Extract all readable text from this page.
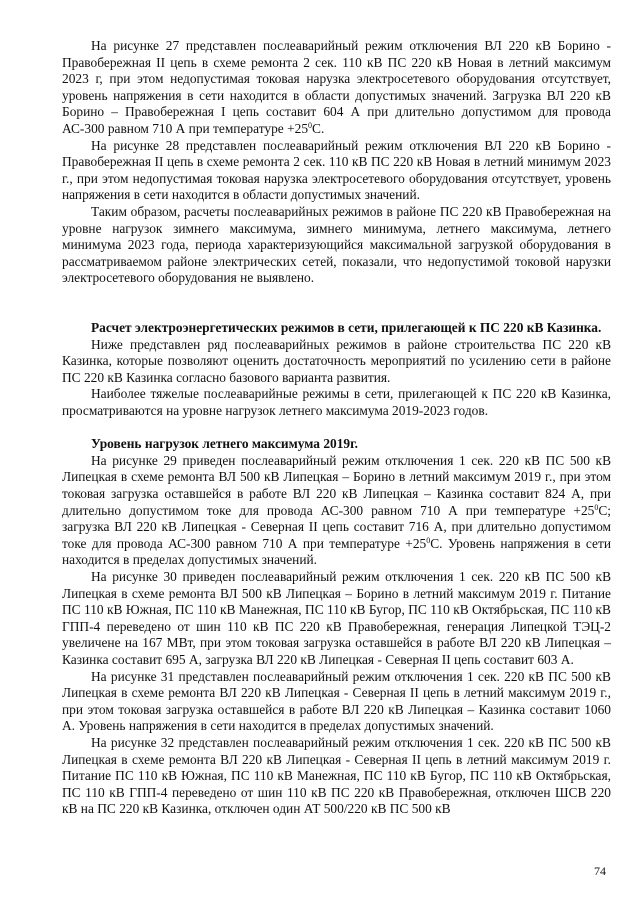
На рисунке 27 представлен послеаварийный режим отключения ВЛ 220 кВ Борино - Правобережная II цепь в схеме ремонта 2 сек. 110 кВ ПС 220 кВ Новая в летний максимум 2023 г, при этом недопустимая токовая нарузка электросетевого оборудования отсутствует, уровень напряжения в сети находится в области допустимых значений. Загрузка ВЛ 220 кВ Борино – Правобережная I цепь составит 604 А при длительно допустимом для провода АС-300 равном 710 А при температуре $+25^0С$.

На рисунке 28 представлен послеаварийный режим отключения ВЛ 220 кВ Борино - Правобережная II цепь в схеме ремонта 2 сек. 110 кВ ПС 220 кВ Новая в летний минимум 2023 г., при этом недопустимая токовая нарузка электросетевого оборудования отсутствует, уровень напряжения в сети находится в области допустимых значений.

Таким образом, расчеты послеаварийных режимов в районе ПС 220 кВ Правобережная на уровне нагрузок зимнего максимума, зимнего минимума, летнего максимума, летнего минимума 2023 года, периода характеризующийся максимальной загрузкой оборудования в рассматриваемом районе электрических сетей, показали, что недопустимой токовой нарузки электросетевого оборудования не выявлено.

Расчет электроэнергетических режимов в сети, прилегающей к ПС 220 кВ Казинка.

Ниже представлен ряд послеаварийных режимов в районе строительства ПС 220 кВ Казинка, которые позволяют оценить достаточность мероприятий по усилению сети в районе ПС 220 кВ Казинка согласно базового варианта развития.

Наиболее тяжелые послеаварийные режимы в сети, прилегающей к ПС 220 кВ Казинка, просматриваются на уровне нагрузок летнего максимума 2019-2023 годов.

Уровень нагрузок летнего максимума 2019г.

На рисунке 29 приведен послеаварийный режим отключения 1 сек. 220 кВ ПС 500 кВ Липецкая в схеме ремонта ВЛ 500 кВ Липецкая – Борино в летний максимум 2019 г., при этом токовая загрузка оставшейся в работе ВЛ 220 кВ Липецкая – Казинка составит 824 А, при длительно допустимом токе для провода АС-300 равном 710 А при температуре $+25^0С$; загрузка ВЛ 220 кВ Липецкая - Северная II цепь составит 716 А, при длительно допустимом токе для провода АС-300 равном 710 А при температуре $+25^0С$. Уровень напряжения в сети находится в пределах допустимых значений.

На рисунке 30 приведен послеаварийный режим отключения 1 сек. 220 кВ ПС 500 кВ Липецкая в схеме ремонта ВЛ 500 кВ Липецкая – Борино в летний максимум 2019 г. Питание ПС 110 кВ Южная, ПС 110 кВ Манежная, ПС 110 кВ Бугор, ПС 110 кВ Октябрьская, ПС 110 кВ ГПП-4 переведено от шин 110 кВ ПС 220 кВ Правобережная, генерация Липецкой ТЭЦ-2 увеличене на 167 МВт, при этом токовая загрузка оставшейся в работе ВЛ 220 кВ Липецкая – Казинка составит 695 А, загрузка ВЛ 220 кВ Липецкая - Северная II цепь составит 603 А.

На рисунке 31 представлен послеаварийный режим отключения 1 сек. 220 кВ ПС 500 кВ Липецкая в схеме ремонта ВЛ 220 кВ Липецкая - Северная II цепь в летний максимум 2019 г., при этом токовая загрузка оставшейся в работе ВЛ 220 кВ Липецкая – Казинка составит 1060 А. Уровень напряжения в сети находится в пределах допустимых значений.

На рисунке 32 представлен послеаварийный режим отключения 1 сек. 220 кВ ПС 500 кВ Липецкая в схеме ремонта ВЛ 220 кВ Липецкая - Северная II цепь в летний максимум 2019 г. Питание ПС 110 кВ Южная, ПС 110 кВ Манежная, ПС 110 кВ Бугор, ПС 110 кВ Октябрьская, ПС 110 кВ ГПП-4 переведено от шин 110 кВ ПС 220 кВ Правобережная, отключен ШСВ 220 кВ на ПС 220 кВ Казинка, отключен один АТ 500/220 кВ ПС 500 кВ

74
